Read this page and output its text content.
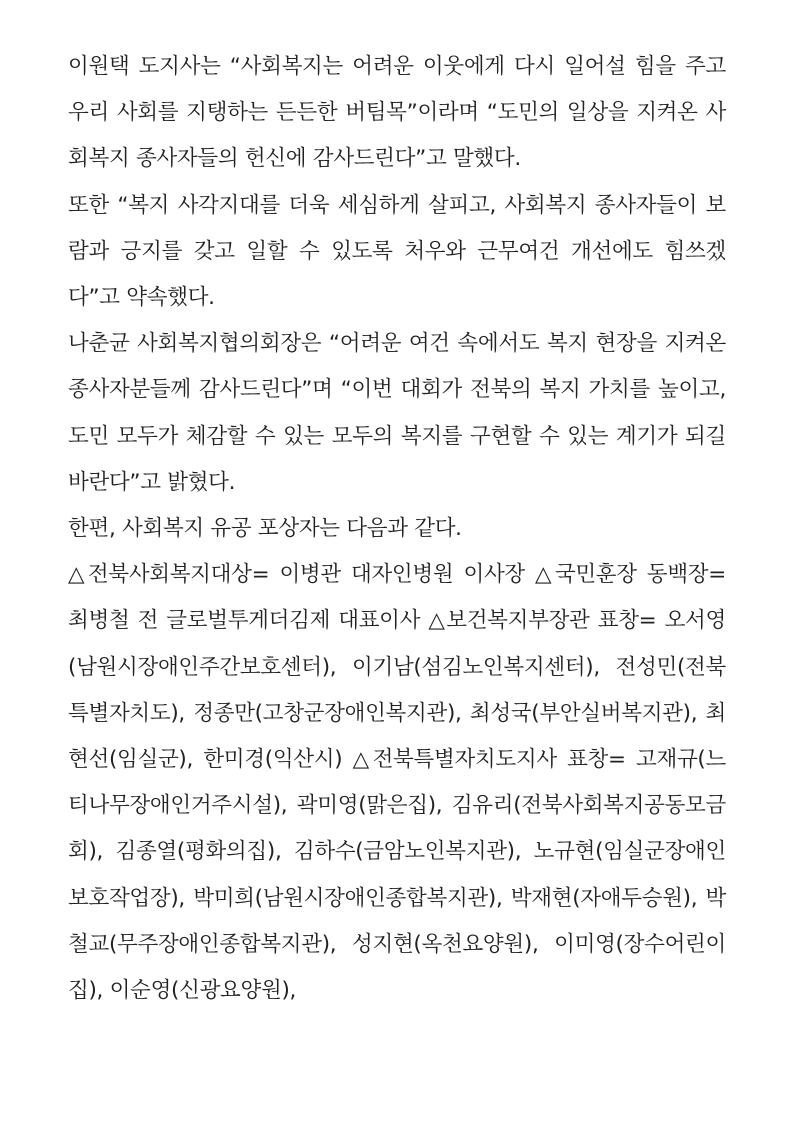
이원택 도지사는 “사회복지는 어려운 이웃에게 다시 일어설 힘을 주고 우리 사회를 지탱하는 든든한 버팀목”이라며 “도민의 일상을 지켜온 사회복지 종사자들의 헌신에 감사드린다”고 말했다.

또한 “복지 사각지대를 더욱 세심하게 살피고, 사회복지 종사자들이 보람과 긍지를 갖고 일할 수 있도록 처우와 근무여건 개선에도 힘쓰겠다”고 약속했다.

나춘균 사회복지협의회장은 “어려운 여건 속에서도 복지 현장을 지켜온 종사자분들께 감사드린다”며 “이번 대회가 전북의 복지 가치를 높이고, 도민 모두가 체감할 수 있는 모두의 복지를 구현할 수 있는 계기가 되길 바란다”고 밝혔다.

한편, 사회복지 유공 포상자는 다음과 같다.

△전북사회복지대상= 이병관 대자인병원 이사장 △국민훈장 동백장= 최병철 전 글로벌투게더김제 대표이사 △보건복지부장관 표창= 오서영(남원시장애인주간보호센터), 이기남(섬김노인복지센터), 전성민(전북특별자치도), 정종만(고창군장애인복지관), 최성국(부안실버복지관), 최현선(임실군), 한미경(익산시) △전북특별자치도지사 표창= 고재규(느티나무장애인거주시설), 곽미영(맑은집), 김유리(전북사회복지공동모금회), 김종열(평화의집), 김하수(금암노인복지관), 노규현(임실군장애인보호작업장), 박미희(남원시장애인종합복지관), 박재현(자애두승원), 박철교(무주장애인종합복지관), 성지현(옥천요양원), 이미영(장수어린이집), 이순영(신광요양원),
